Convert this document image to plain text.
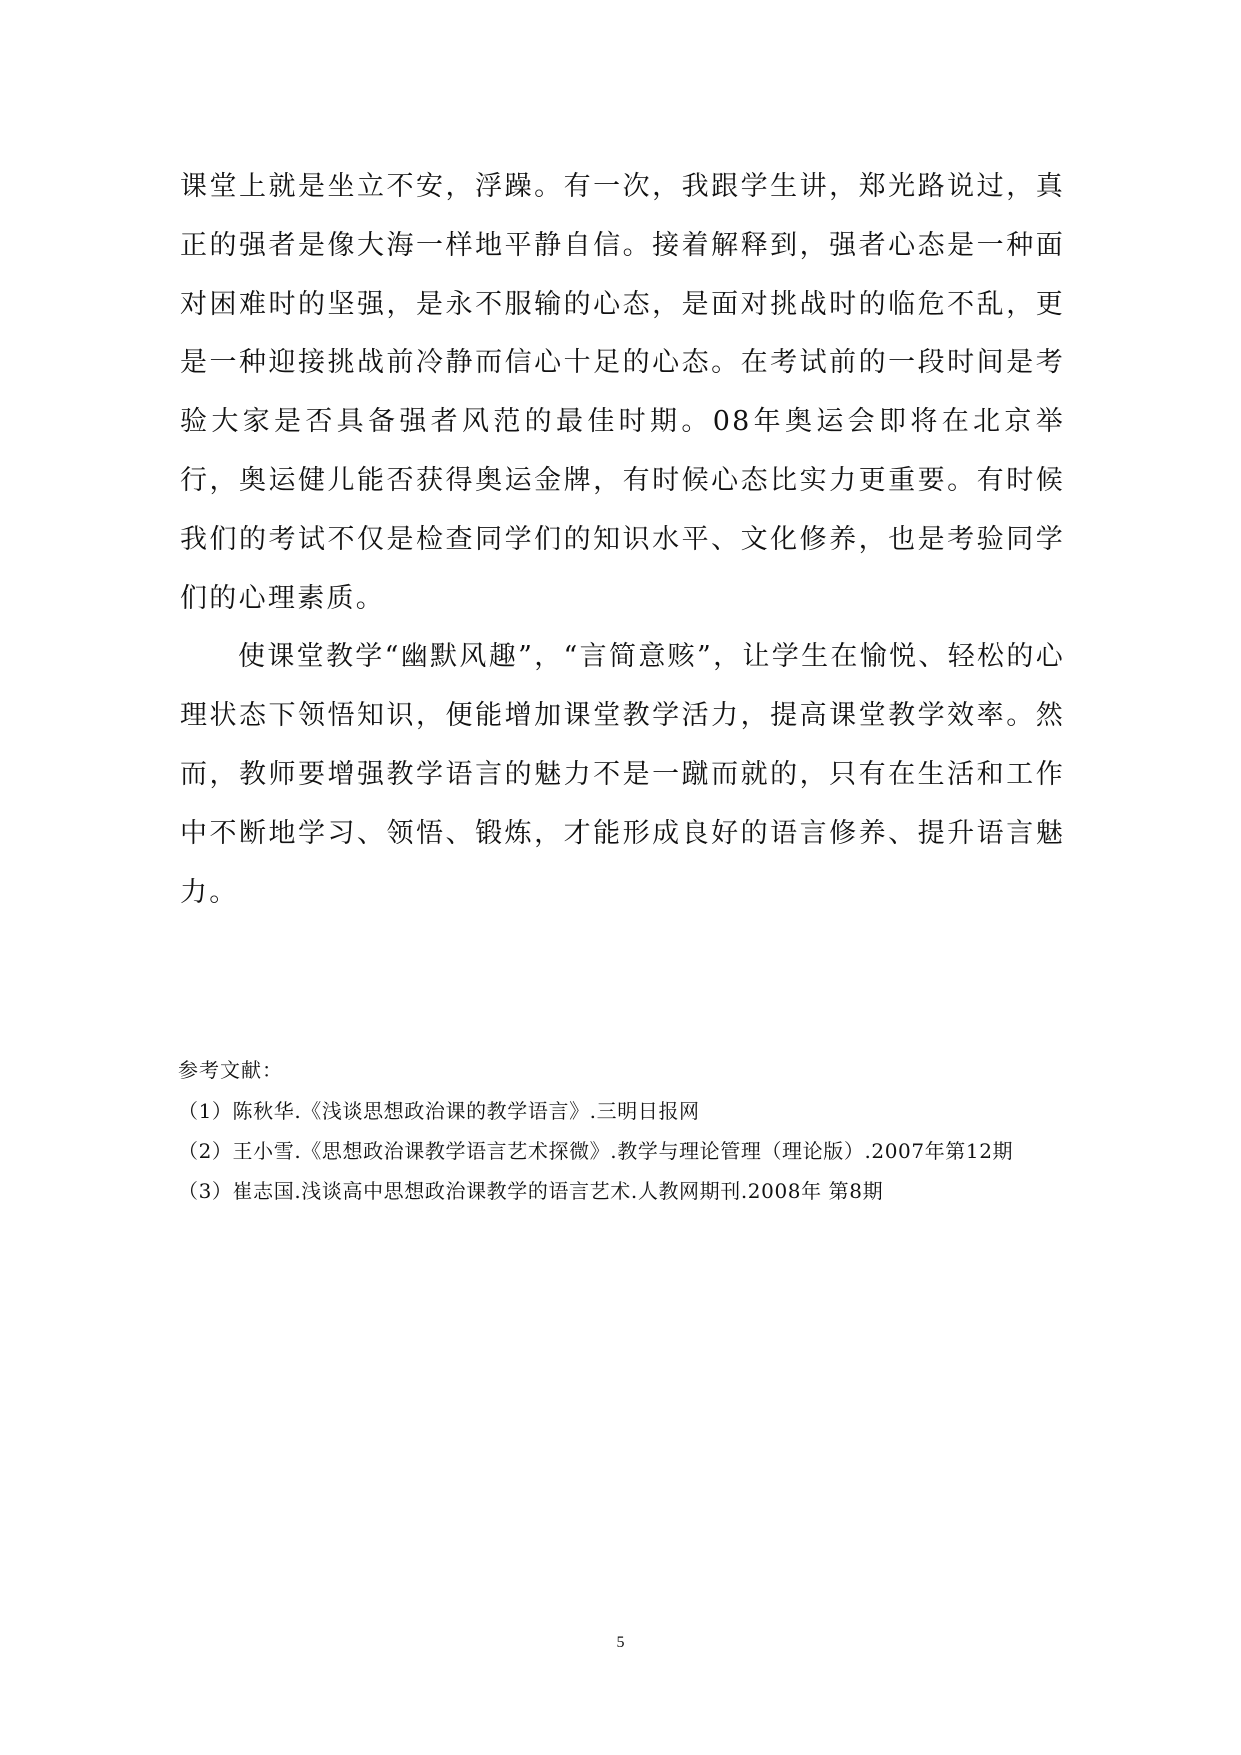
课堂上就是坐立不安，浮躁。有一次，我跟学生讲，郑光路说过，真正的强者是像大海一样地平静自信。接着解释到，强者心态是一种面对困难时的坚强，是永不服输的心态，是面对挑战时的临危不乱，更是一种迎接挑战前冷静而信心十足的心态。在考试前的一段时间是考验大家是否具备强者风范的最佳时期。08年奥运会即将在北京举行，奥运健儿能否获得奥运金牌，有时候心态比实力更重要。有时候我们的考试不仅是检查同学们的知识水平、文化修养，也是考验同学们的心理素质。

使课堂教学“幽默风趣”，“言简意赅”，让学生在愉悦、轻松的心理状态下领悟知识，便能增加课堂教学活力，提高课堂教学效率。然而，教师要增强教学语言的魅力不是一蹴而就的，只有在生活和工作中不断地学习、领悟、锻炼，才能形成良好的语言修养、提升语言魅力。

参考文献：

（1）陈秋华.《浅谈思想政治课的教学语言》.三明日报网
（2）王小雪.《思想政治课教学语言艺术探微》.教学与理论管理（理论版）.2007年第12期
（3）崔志国.浅谈高中思想政治课教学的语言艺术.人教网期刊.2008年 第8期
5
